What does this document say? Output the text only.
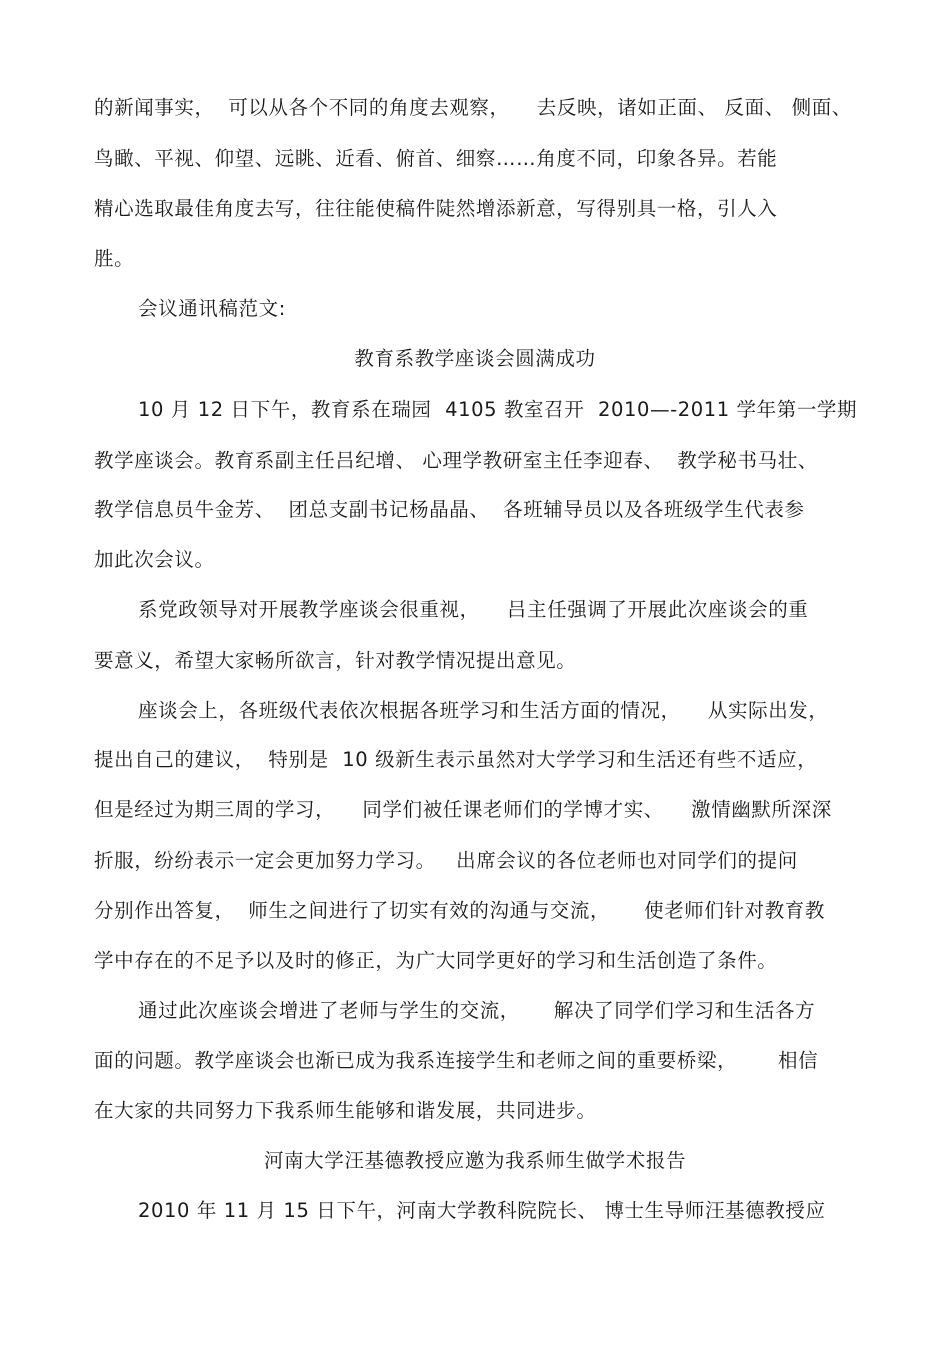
的新闻事实，  可以从各个不同的角度去观察，    去反映，诸如正面、 反面、 侧面、
鸟瞰、平视、仰望、远眺、近看、俯首、细察……角度不同，印象各异。若能
精心选取最佳角度去写，往往能使稿件陡然增添新意，写得别具一格，引人入
胜。
会议通讯稿范文:
教育系教学座谈会圆满成功
10 月 12 日下午，教育系在瑞园  4105 教室召开  2010—-2011 学年第一学期
教学座谈会。教育系副主任吕纪增、 心理学教研室主任李迎春、  教学秘书马壮、
教学信息员牛金芳、  团总支副书记杨晶晶、  各班辅导员以及各班级学生代表参
加此次会议。
系党政领导对开展教学座谈会很重视，    吕主任强调了开展此次座谈会的重
要意义，希望大家畅所欲言，针对教学情况提出意见。
座谈会上，各班级代表依次根据各班学习和生活方面的情况，    从实际出发，
提出自己的建议，  特别是  10 级新生表示虽然对大学学习和生活还有些不适应，
但是经过为期三周的学习，    同学们被任课老师们的学博才实、    激情幽默所深深
折服，纷纷表示一定会更加努力学习。   出席会议的各位老师也对同学们的提问
分别作出答复，  师生之间进行了切实有效的沟通与交流，     使老师们针对教育教
学中存在的不足予以及时的修正，为广大同学更好的学习和生活创造了条件。
通过此次座谈会增进了老师与学生的交流，     解决了同学们学习和生活各方
面的问题。教学座谈会也渐已成为我系连接学生和老师之间的重要桥梁，      相信
在大家的共同努力下我系师生能够和谐发展，共同进步。
河南大学汪基德教授应邀为我系师生做学术报告
2010 年 11 月 15 日下午，河南大学教科院院长、 博士生导师汪基德教授应
